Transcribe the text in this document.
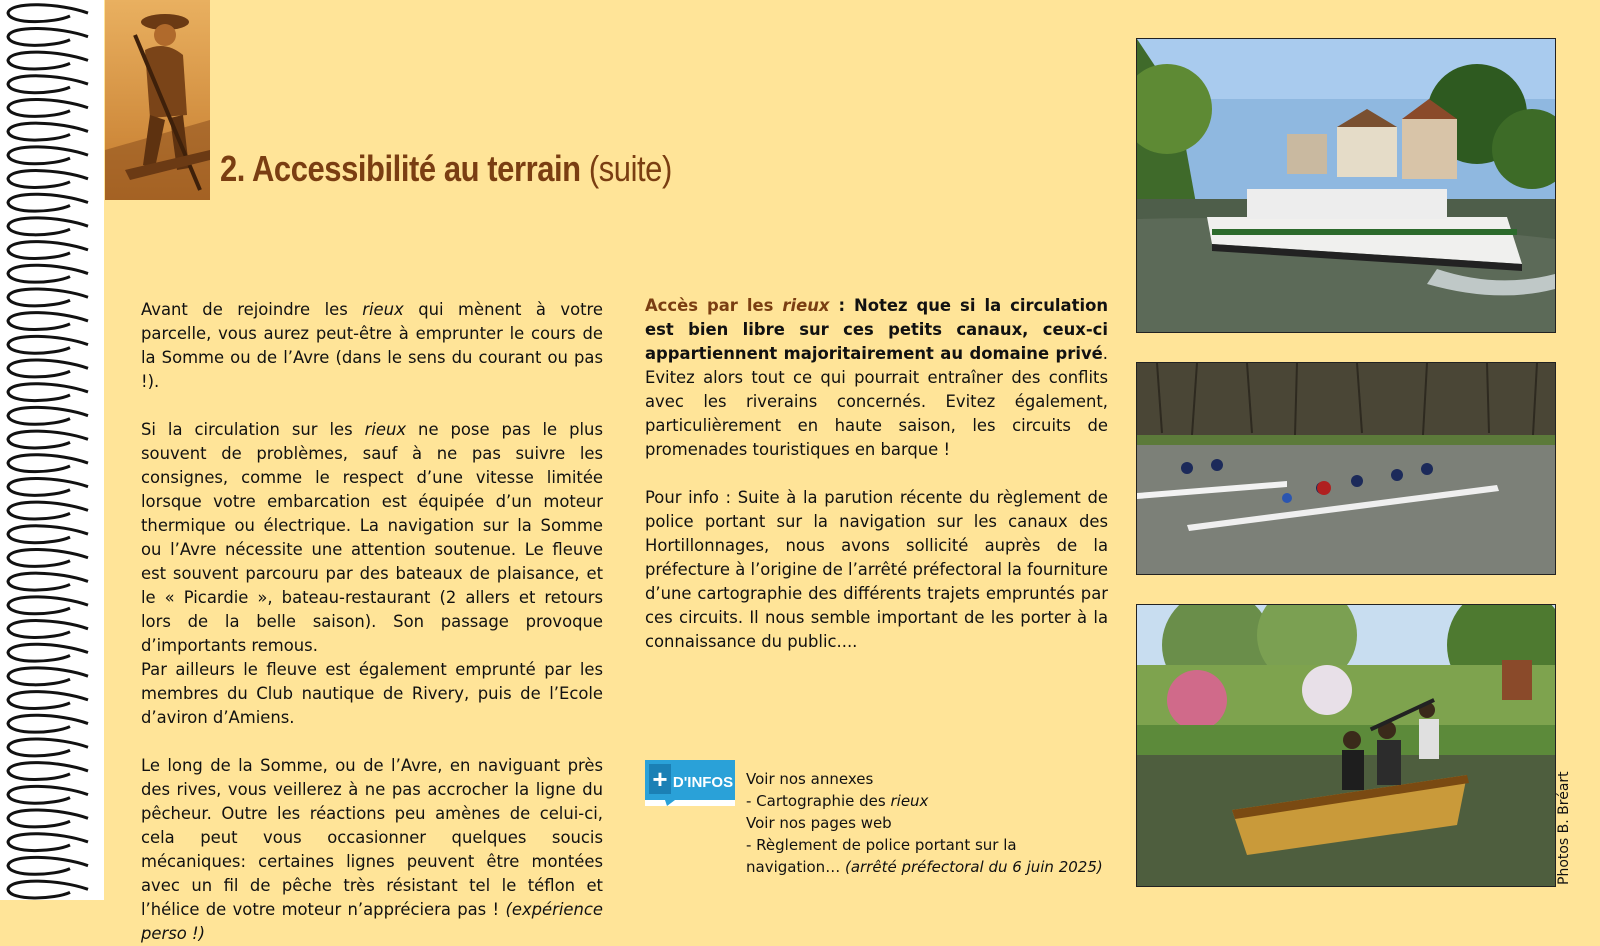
2. Accessibilité au terrain (suite)

Avant de rejoindre les rieux qui mènent à votre parcelle, vous aurez peut-être à emprunter le cours de la Somme ou de l’Avre (dans le sens du courant ou pas !).

Si la circulation sur les rieux ne pose pas le plus souvent de problèmes, sauf à ne pas suivre les consignes, comme le respect d’une vitesse limitée lorsque votre embarcation est équipée d’un moteur thermique ou électrique. La navigation sur la Somme ou l’Avre nécessite une attention soutenue. Le fleuve est souvent parcouru par des bateaux de plaisance, et le « Picardie », bateau-restaurant (2 allers et retours lors de la belle saison). Son passage provoque d’importants remous.

Par ailleurs le fleuve est également emprunté par les membres du Club nautique de Rivery, puis de l’Ecole d’aviron d’Amiens.

Le long de la Somme, ou de l’Avre, en naviguant près des rives, vous veillerez à ne pas accrocher la ligne du pêcheur. Outre les réactions peu amènes de celui-ci, cela peut vous occasionner quelques soucis mécaniques: certaines lignes peuvent être montées avec un fil de pêche très résistant tel le téflon et l’hélice de votre moteur n’appréciera pas ! (expérience perso !)

Accès par les rieux : Notez que si la circulation est bien libre sur ces petits canaux, ceux-ci appartiennent majoritairement au domaine privé. Evitez alors tout ce qui pourrait entraîner des conflits avec les riverains concernés. Evitez également, particulièrement en haute saison, les circuits de promenades touristiques en barque !

Pour info : Suite à la parution récente du règlement de police portant sur la navigation sur les canaux des Hortillonnages, nous avons sollicité auprès de la préfecture à l’origine de l’arrêté préfectoral la fourniture d’une cartographie des différents trajets empruntés par ces circuits. Il nous semble important de les porter à la connaissance du public....

+ D'INFOS Voir nos annexes
- Cartographie des rieux
Voir nos pages web
- Règlement de police portant sur la
navigation… (arrêté préfectoral du 6 juin 2025)	Photos B. Bréart
